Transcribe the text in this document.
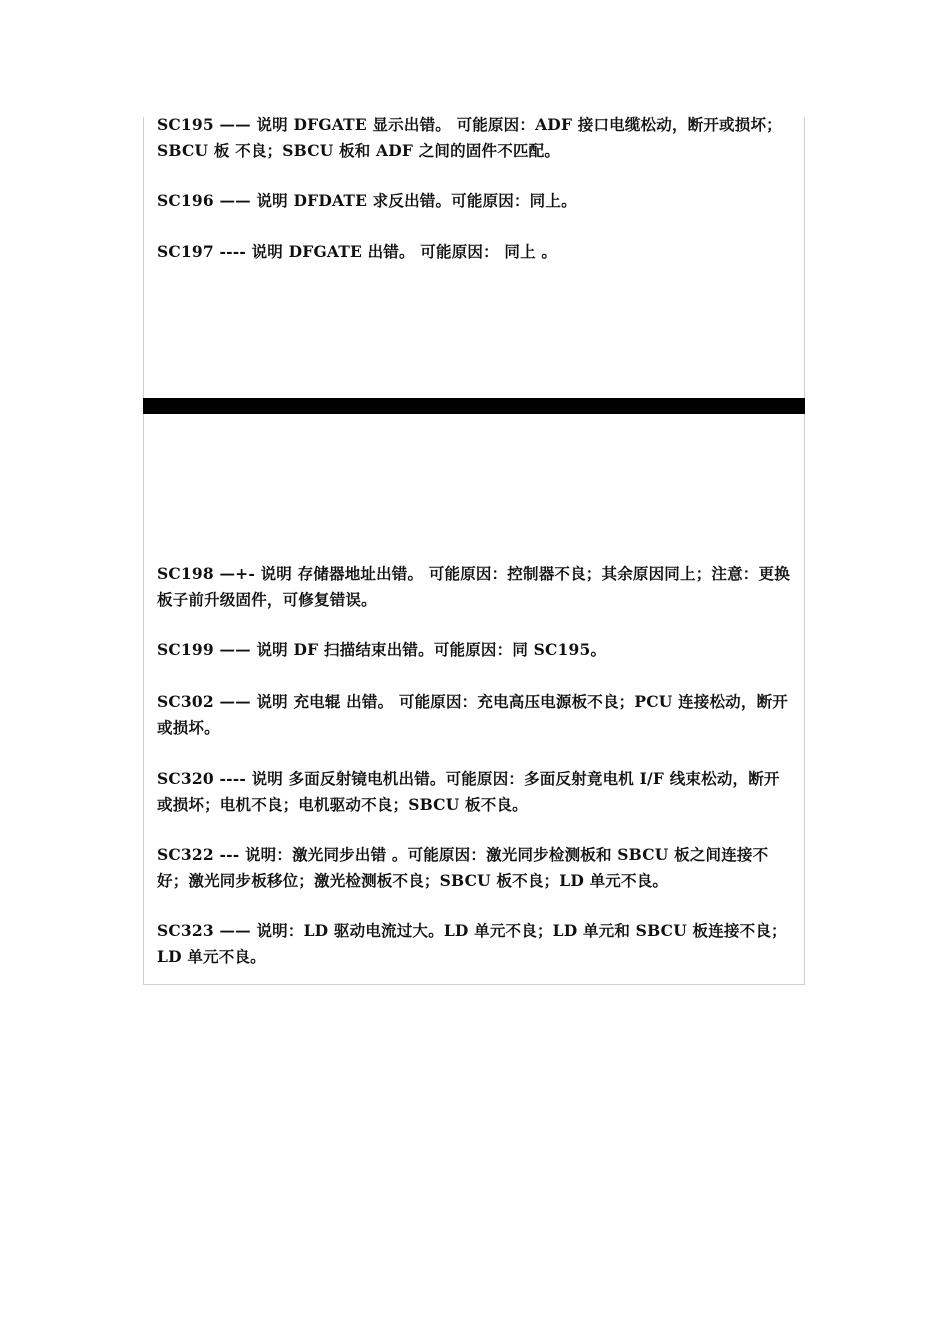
SC195 —— 说明 DFGATE 显示出错。 可能原因：ADF 接口电缆松动，断开或损坏；SBCU 板 不良；SBCU 板和 ADF 之间的固件不匹配。
SC196 —— 说明 DFDATE 求反出错。可能原因：同上。
SC197 ---- 说明 DFGATE 出错。 可能原因： 同上 。
SC198 —+- 说明 存储器地址出错。 可能原因：控制器不良；其余原因同上；注意：更换板子前升级固件，可修复错误。
SC199 —— 说明 DF 扫描结束出错。可能原因：同 SC195。
SC302 —— 说明 充电辊 出错。 可能原因：充电高压电源板不良；PCU 连接松动，断开或损坏。
SC320 ---- 说明 多面反射镜电机出错。可能原因：多面反射竟电机 I/F 线束松动，断开或损坏；电机不良；电机驱动不良；SBCU 板不良。
SC322 --- 说明：激光同步出错 。可能原因：激光同步检测板和 SBCU 板之间连接不好；激光同步板移位；激光检测板不良；SBCU 板不良；LD 单元不良。
SC323 —— 说明：LD 驱动电流过大。LD 单元不良；LD 单元和 SBCU 板连接不良；LD 单元不良。
